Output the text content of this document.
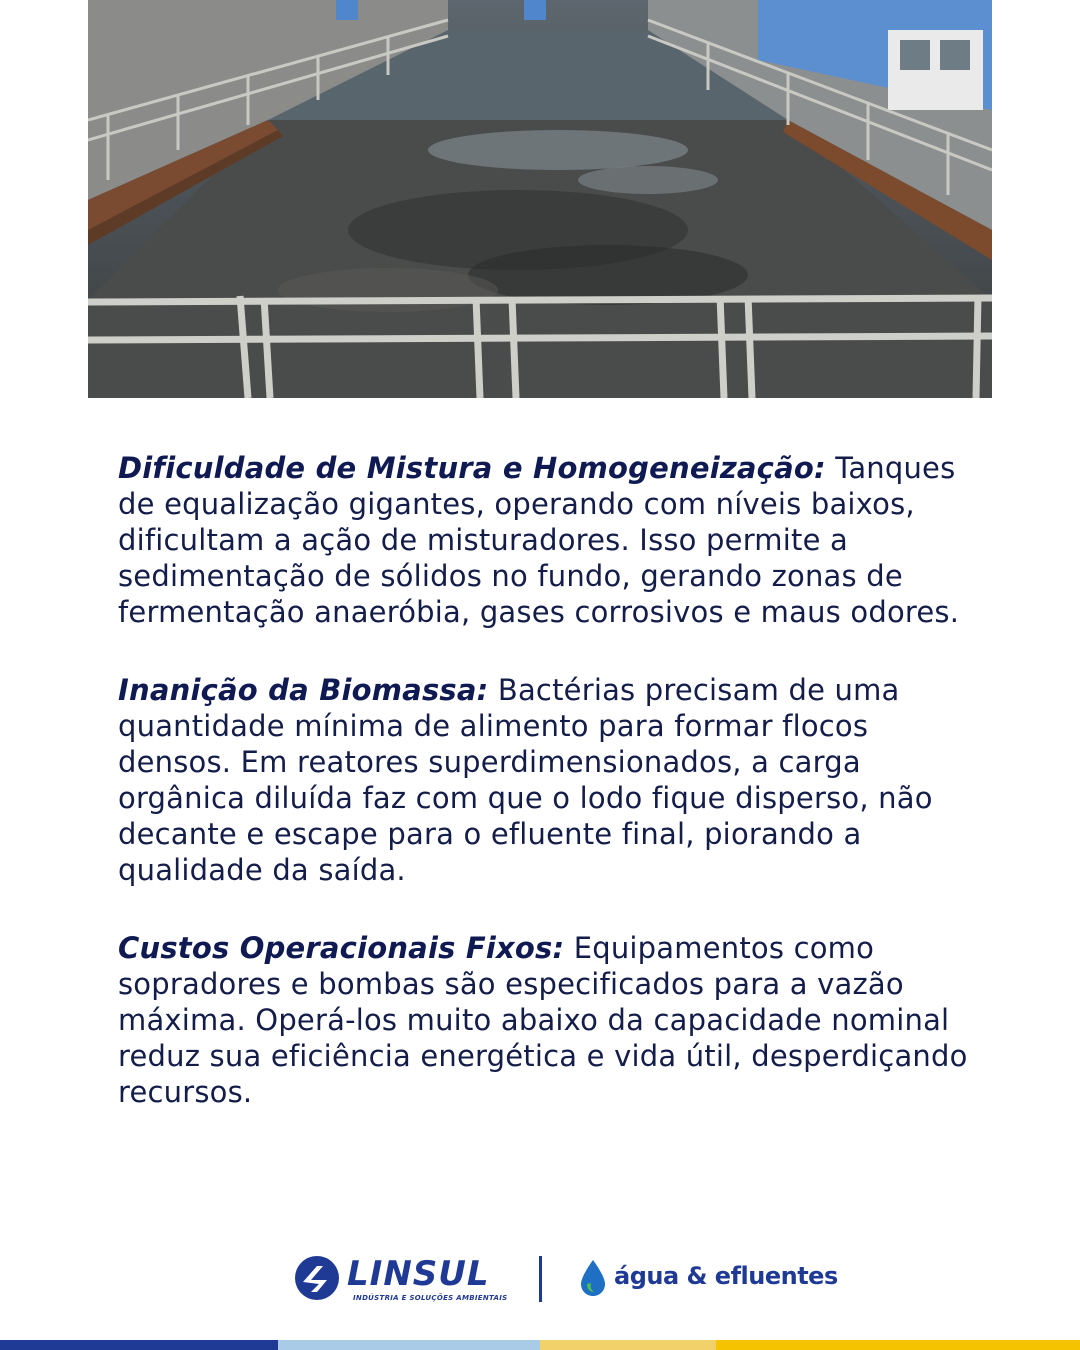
Dificuldade de Mistura e Homogeneização: Tanques de equalização gigantes, operando com níveis baixos, dificultam a ação de misturadores. Isso permite a sedimentação de sólidos no fundo, gerando zonas de fermentação anaeróbia, gases corrosivos e maus odores.

Inanição da Biomassa: Bactérias precisam de uma quantidade mínima de alimento para formar flocos densos. Em reatores superdimensionados, a carga orgânica diluída faz com que o lodo fique disperso, não decante e escape para o efluente final, piorando a qualidade da saída.

Custos Operacionais Fixos: Equipamentos como sopradores e bombas são especificados para a vazão máxima. Operá-los muito abaixo da capacidade nominal reduz sua eficiência energética e vida útil, desperdiçando recursos.

LINSUL
INDÚSTRIA E SOLUÇÕES AMBIENTAIS
água & efluentes
